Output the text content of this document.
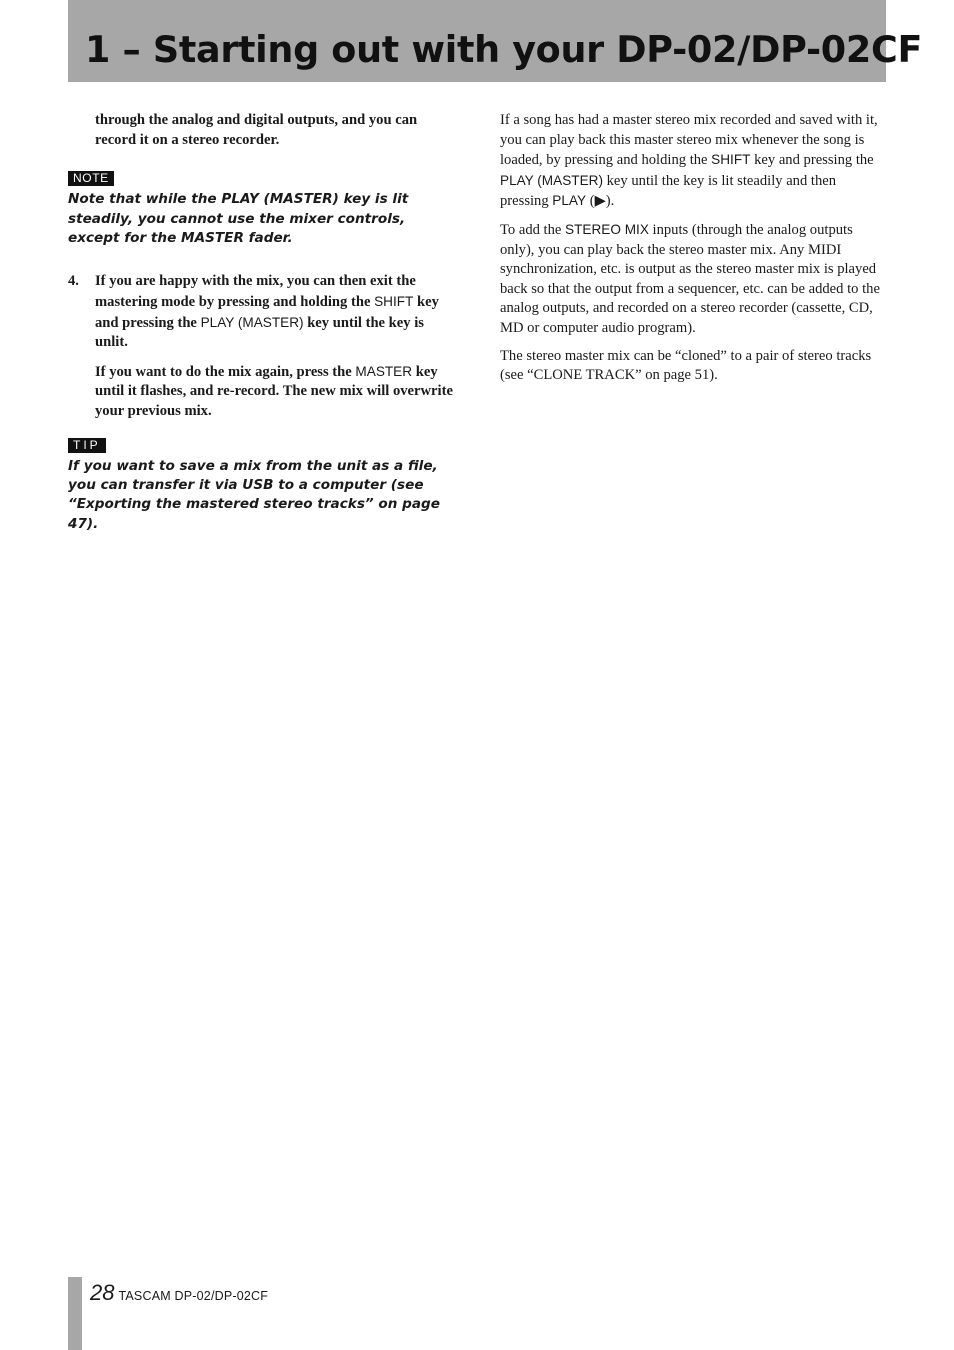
1 – Starting out with your DP-02/DP-02CF

through the analog and digital outputs, and you can record it on a stereo recorder.

NOTE

Note that while the PLAY (MASTER) key is lit steadily, you cannot use the mixer controls, except for the MASTER fader.

4. If you are happy with the mix, you can then exit the mastering mode by pressing and holding the SHIFT key and pressing the PLAY (MASTER) key until the key is unlit.

If you want to do the mix again, press the MASTER key until it flashes, and re-record. The new mix will overwrite your previous mix.

TIP

If you want to save a mix from the unit as a file, you can transfer it via USB to a computer (see “Exporting the mastered stereo tracks” on page 47).

If a song has had a master stereo mix recorded and saved with it, you can play back this master stereo mix whenever the song is loaded, by pressing and holding the SHIFT key and pressing the PLAY (MASTER) key until the key is lit steadily and then pressing PLAY (▶).

To add the STEREO MIX inputs (through the analog outputs only), you can play back the stereo master mix. Any MIDI synchronization, etc. is output as the stereo master mix is played back so that the output from a sequencer, etc. can be added to the analog outputs, and recorded on a stereo recorder (cassette, CD, MD or computer audio program).

The stereo master mix can be “cloned” to a pair of stereo tracks (see “CLONE TRACK” on page 51).

28 TASCAM DP-02/DP-02CF
